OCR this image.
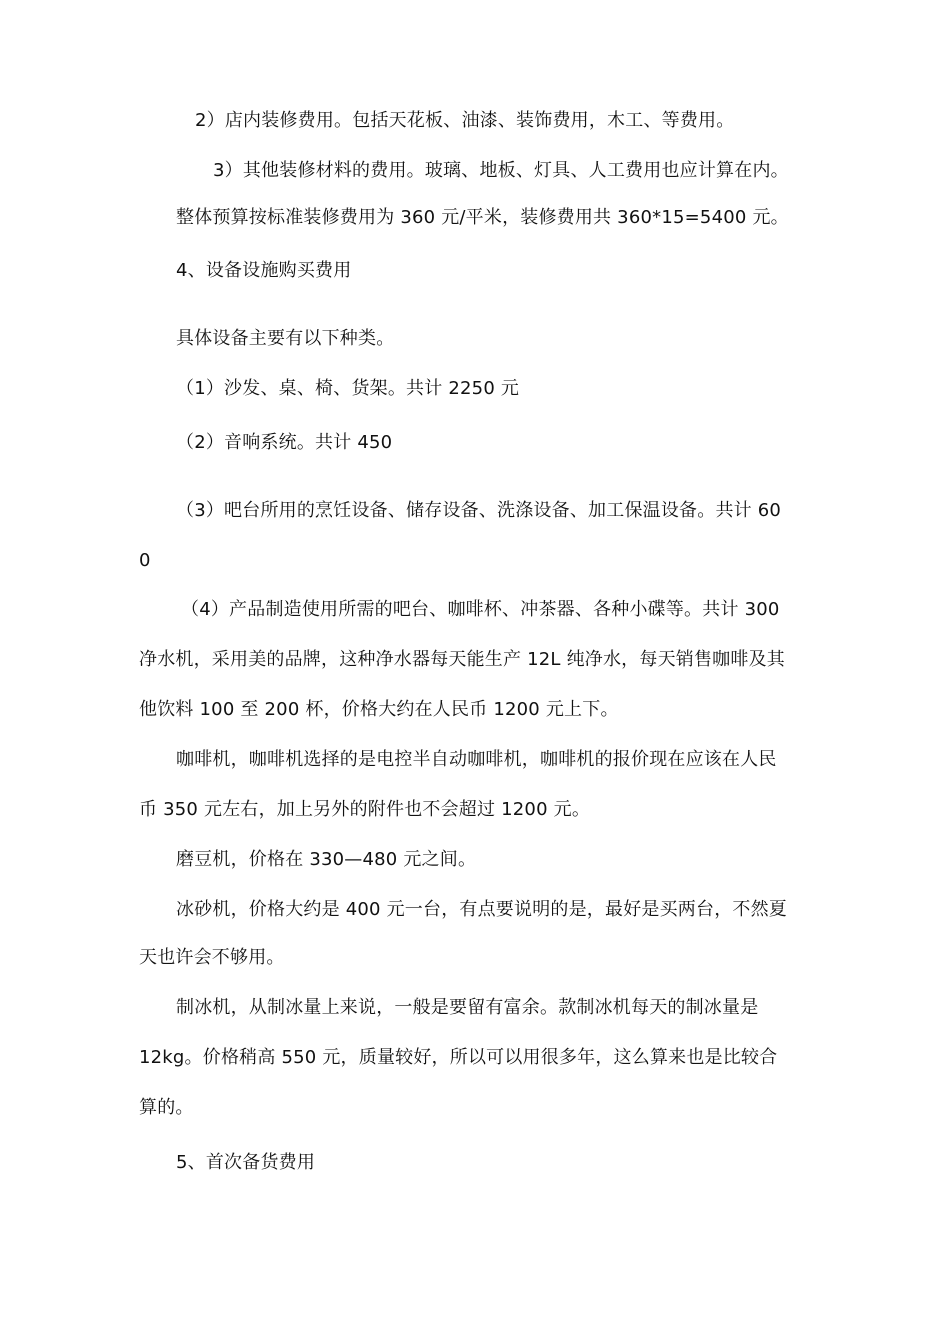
2）店内装修费用。包括天花板、油漆、装饰费用，木工、等费用。
3）其他装修材料的费用。玻璃、地板、灯具、人工费用也应计算在内。
整体预算按标准装修费用为 360 元/平米，装修费用共 360*15=5400 元。
4、设备设施购买费用
具体设备主要有以下种类。
（1）沙发、桌、椅、货架。共计 2250 元
（2）音响系统。共计 450
（3）吧台所用的烹饪设备、储存设备、洗涤设备、加工保温设备。共计 60
0
（4）产品制造使用所需的吧台、咖啡杯、冲茶器、各种小碟等。共计 300
净水机，采用美的品牌，这种净水器每天能生产 12L 纯净水，每天销售咖啡及其
他饮料 100 至 200 杯，价格大约在人民币 1200 元上下。
咖啡机，咖啡机选择的是电控半自动咖啡机，咖啡机的报价现在应该在人民
币 350 元左右，加上另外的附件也不会超过 1200 元。
磨豆机，价格在 330—480 元之间。
冰砂机，价格大约是 400 元一台，有点要说明的是，最好是买两台，不然夏
天也许会不够用。
制冰机，从制冰量上来说，一般是要留有富余。款制冰机每天的制冰量是
12kg。价格稍高 550 元，质量较好，所以可以用很多年，这么算来也是比较合
算的。
5、首次备货费用
